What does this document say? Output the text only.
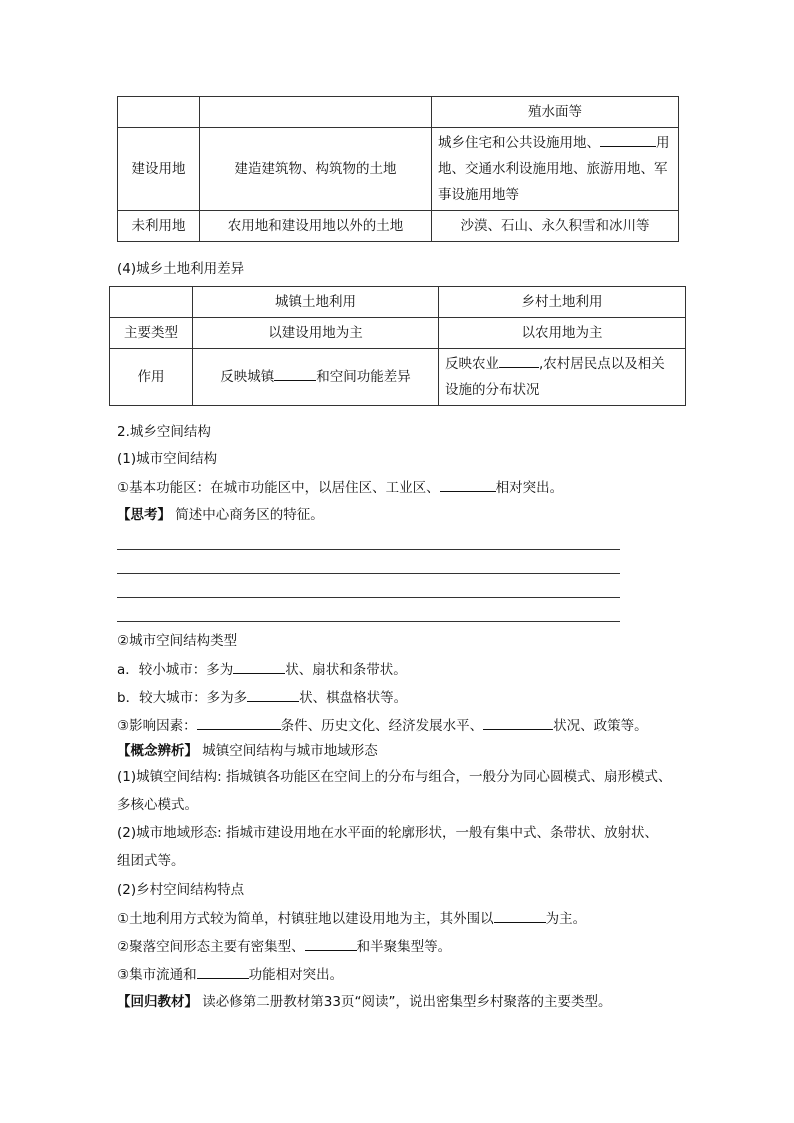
		殖水面等
建设用地	建造建筑物、构筑物的土地	城乡住宅和公共设施用地、 用
地、交通水利设施用地、旅游用地、军
事设施用地等
未利用地	农用地和建设用地以外的土地	沙漠、石山、永久积雪和冰川等
(4)城乡土地利用差异
	城镇土地利用	乡村土地利用
主要类型	以建设用地为主	以农用地为主
作用	反映城镇 和空间功能差异	反映农业 ,农村居民点以及相关
设施的分布状况
2.城乡空间结构
(1)城市空间结构
①基本功能区：在城市功能区中，以居住区、工业区、	相对突出。
【思考】 简述中心商务区的特征。
②城市空间结构类型
a．较小城市：多为	状、扇状和条带状。
b．较大城市：多为多	状、棋盘格状等。
③影响因素：	条件、历史文化、经济发展水平、	状况、政策等。
【概念辨析】 城镇空间结构与城市地域形态
(1)城镇空间结构: 指城镇各功能区在空间上的分布与组合，一般分为同心圆模式、扇形模式、
多核心模式。
(2)城市地域形态: 指城市建设用地在水平面的轮廓形状，一般有集中式、条带状、放射状、
组团式等。
(2)乡村空间结构特点
①土地利用方式较为简单，村镇驻地以建设用地为主，其外围以	为主。
②聚落空间形态主要有密集型、	和半聚集型等。
③集市流通和	功能相对突出。
【回归教材】 读必修第二册教材第33页“阅读”，说出密集型乡村聚落的主要类型。
